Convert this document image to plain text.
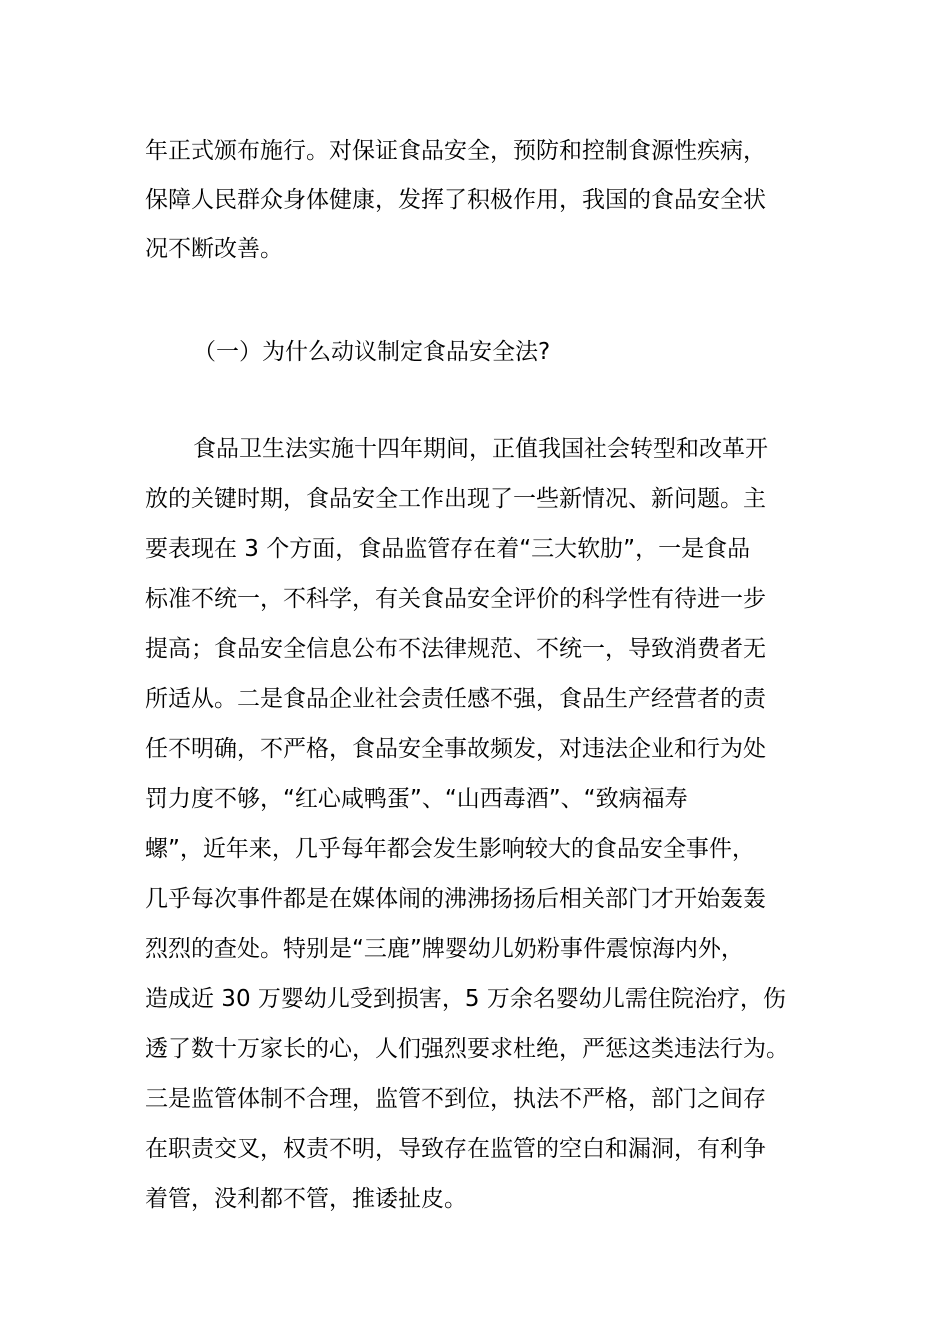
年正式颁布施行。对保证食品安全，预防和控制食源性疾病，
保障人民群众身体健康，发挥了积极作用，我国的食品安全状
况不断改善。
（一）为什么动议制定食品安全法?
食品卫生法实施十四年期间，正值我国社会转型和改革开
放的关键时期，食品安全工作出现了一些新情况、新问题。主
要表现在 3 个方面，食品监管存在着“三大软肋”，一是食品
标准不统一，不科学，有关食品安全评价的科学性有待进一步
提高；食品安全信息公布不法律规范、不统一，导致消费者无
所适从。二是食品企业社会责任感不强，食品生产经营者的责
任不明确，不严格，食品安全事故频发，对违法企业和行为处
罚力度不够，“红心咸鸭蛋”、“山西毒酒”、“致病福寿
螺”，近年来，几乎每年都会发生影响较大的食品安全事件，
几乎每次事件都是在媒体闹的沸沸扬扬后相关部门才开始轰轰
烈烈的查处。特别是“三鹿”牌婴幼儿奶粉事件震惊海内外，
造成近 30 万婴幼儿受到损害，5 万余名婴幼儿需住院治疗，伤
透了数十万家长的心，人们强烈要求杜绝，严惩这类违法行为。
三是监管体制不合理，监管不到位，执法不严格，部门之间存
在职责交叉，权责不明，导致存在监管的空白和漏洞，有利争
着管，没利都不管，推诿扯皮。
